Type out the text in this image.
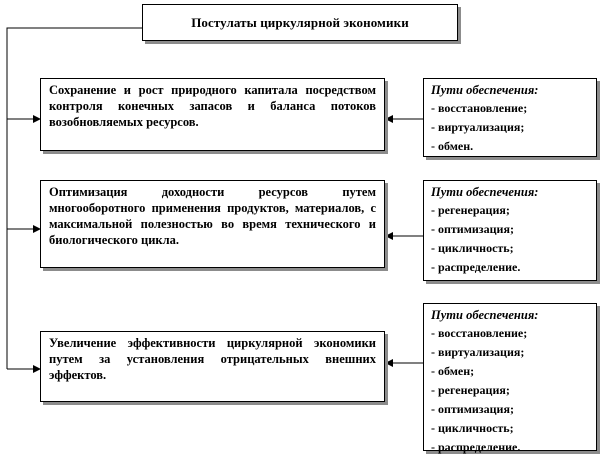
Постулаты циркулярной экономики

Сохранение и рост природного капитала посредством контроля конечных запасов и баланса потоков возобновляемых ресурсов.

Оптимизация доходности ресурсов путем многооборотного применения продуктов, материалов, с максимальной полезностью во время технического и биологического цикла.

Увеличение эффективности циркулярной экономики путем за установления отрицательных внешних эффектов.

Пути обеспечения:

- восстановление;
- виртуализация;
- обмен.

Пути обеспечения:

- регенерация;
- оптимизация;
- цикличность;
- распределение.

Пути обеспечения:

- восстановление;
- виртуализация;
- обмен;
- регенерация;
- оптимизация;
- цикличность;
- распределение.
